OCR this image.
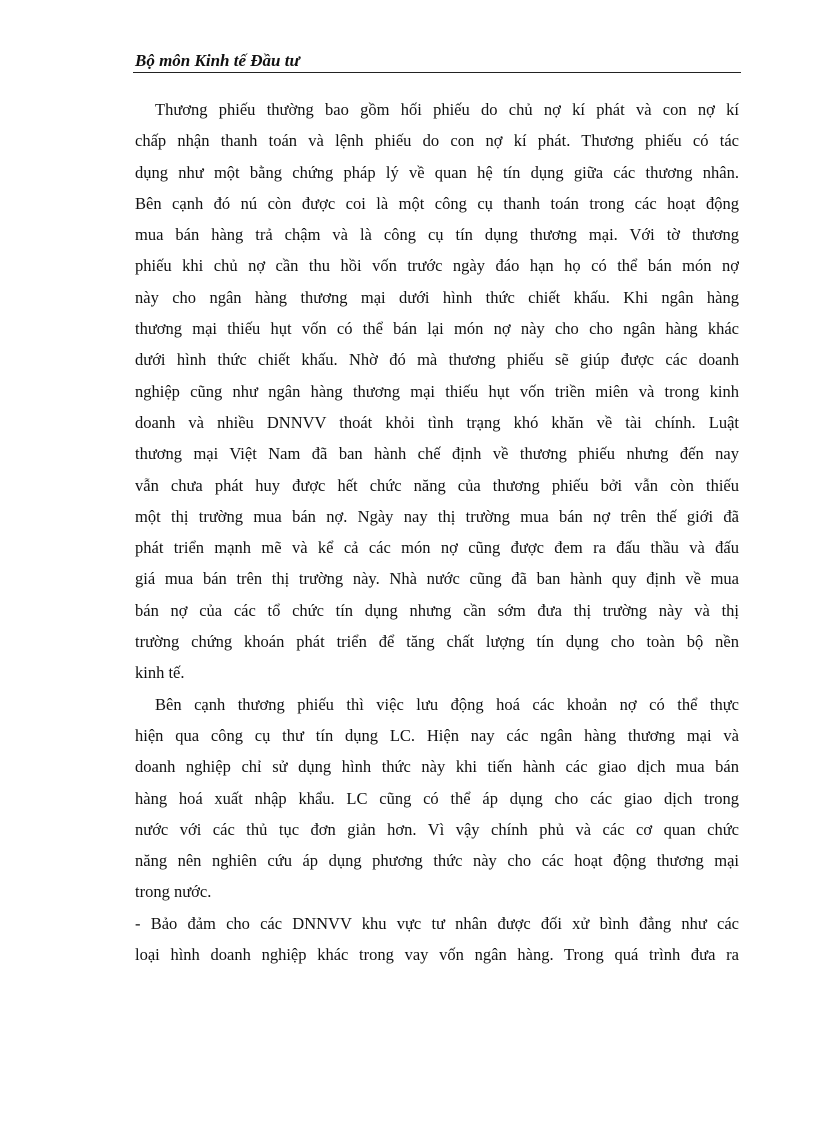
Bộ môn Kinh tế Đầu tư
Thương phiếu thường bao gồm hối phiếu do chủ nợ kí phát và con nợ kí
chấp nhận thanh toán và lệnh phiếu do con nợ kí phát. Thương phiếu có tác
dụng như một bằng chứng pháp lý về quan hệ tín dụng giữa các thương nhân.
Bên cạnh đó nú còn được coi là một công cụ thanh toán trong các hoạt động
mua bán hàng trả chậm và là công cụ tín dụng thương mại. Với tờ thương
phiếu khi chủ nợ cần thu hồi vốn trước ngày đáo hạn họ có thể bán món nợ
này cho ngân hàng thương mại dưới hình thức chiết khấu. Khi ngân hàng
thương mại thiếu hụt vốn có thể bán lại món nợ này cho cho ngân hàng khác
dưới hình thức chiết khấu. Nhờ đó mà thương phiếu sẽ giúp được các doanh
nghiệp cũng như ngân hàng thương mại thiếu hụt vốn triền miên và trong kinh
doanh và nhiều DNNVV thoát khỏi tình trạng khó khăn về tài chính. Luật
thương mại Việt Nam đã ban hành chế định về thương phiếu nhưng đến nay
vẫn chưa phát huy được hết chức năng của thương phiếu bởi vẫn còn thiếu
một thị trường mua bán nợ. Ngày nay thị trường mua bán nợ trên thế giới đã
phát triển mạnh mẽ và kể cả các món nợ cũng được đem ra đấu thầu và đấu
giá mua bán trên thị trường này. Nhà nước cũng đã ban hành quy định về mua
bán nợ của các tổ chức tín dụng nhưng cần sớm đưa thị trường này và thị
trường chứng khoán phát triển để tăng chất lượng tín dụng cho toàn bộ nền
kinh tế.
Bên cạnh thương phiếu thì việc lưu động hoá các khoản nợ có thể thực
hiện qua công cụ thư tín dụng LC. Hiện nay các ngân hàng thương mại và
doanh nghiệp chỉ sử dụng hình thức này khi tiến hành các giao dịch mua bán
hàng hoá xuất nhập khẩu. LC cũng có thể áp dụng cho các giao dịch trong
nước với các thủ tục đơn giản hơn. Vì vậy chính phủ và các cơ quan chức
năng nên nghiên cứu áp dụng phương thức này cho các hoạt động thương mại
trong nước.
- Bảo đảm cho các DNNVV khu vực tư nhân được đối xử bình đẳng như các
loại hình doanh nghiệp khác trong vay vốn ngân hàng. Trong quá trình đưa ra
